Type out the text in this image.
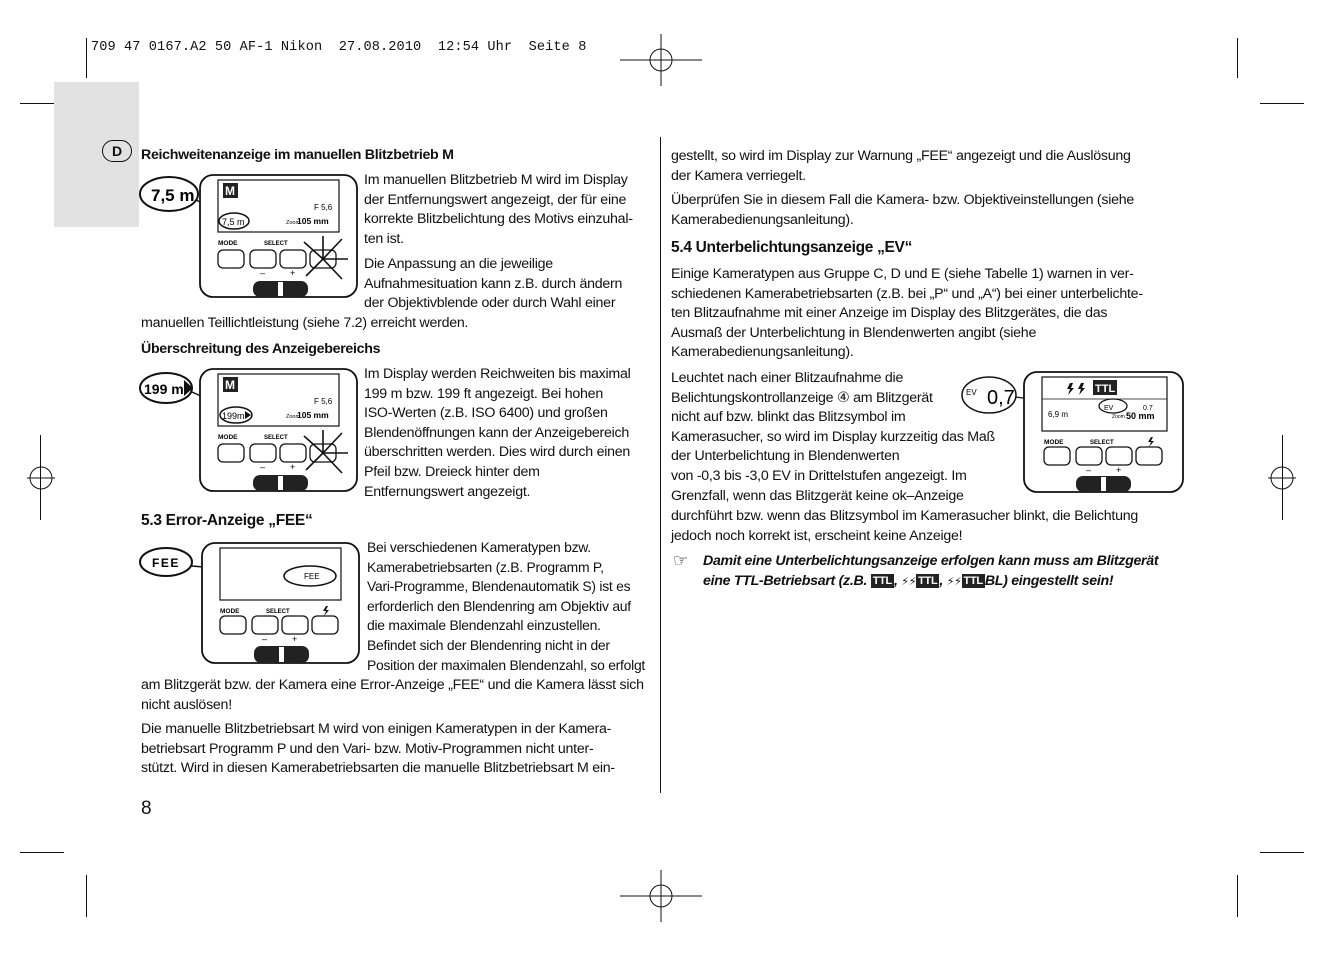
709 47 0167.A2 50 AF-1 Nikon  27.08.2010  12:54 Uhr  Seite 8
D	Reichweitenanzeige im manuellen Blitzbetrieb M
7,5 m	M
F 5,6
7,5 m	Zoom
105 mm
MODE	SELECT
–	+
Im manuellen Blitzbetrieb M wird im Display
der Entfernungswert angezeigt, der für eine
korrekte Blitzbelichtung des Motivs einzuhal-
ten ist.
Die Anpassung an die jeweilige
Aufnahmesituation kann z.B. durch ändern
der Objektivblende oder durch Wahl einer
manuellen Teillichtleistung (siehe 7.2) erreicht werden.
Überschreitung des Anzeigebereichs
199 m	M
F 5,6
199m	Zoom
105 mm
MODE	SELECT
–	+
Im Display werden Reichweiten bis maximal
199 m bzw. 199 ft angezeigt. Bei hohen
ISO-Werten (z.B. ISO 6400) und großen
Blendenöffnungen kann der Anzeigebereich
überschritten werden. Dies wird durch einen
Pfeil bzw. Dreieck hinter dem
Entfernungswert angezeigt.
5.3 Error-Anzeige „FEE“
FEE
FEE
MODE	SELECT
–	+
Bei verschiedenen Kameratypen bzw.
Kamerabetriebsarten (z.B. Programm P,
Vari-Programme, Blendenautomatik S) ist es
erforderlich den Blendenring am Objektiv auf
die maximale Blendenzahl einzustellen.
Befindet sich der Blendenring nicht in der
Position der maximalen Blendenzahl, so erfolgt
am Blitzgerät bzw. der Kamera eine Error-Anzeige „FEE“ und die Kamera lässt sich
nicht auslösen!
Die manuelle Blitzbetriebsart M wird von einigen Kameratypen in der Kamera-
betriebsart Programm P und den Vari- bzw. Motiv-Programmen nicht unter-
stützt. Wird in diesen Kamerabetriebsarten die manuelle Blitzbetriebsart M ein-
8
gestellt, so wird im Display zur Warnung „FEE“ angezeigt und die Auslösung
der Kamera verriegelt.
Überprüfen Sie in diesem Fall die Kamera- bzw. Objektiveinstellungen (siehe
Kamerabedienungsanleitung).
5.4 Unterbelichtungsanzeige „EV“
Einige Kameratypen aus Gruppe C, D und E (siehe Tabelle 1) warnen in ver-
schiedenen Kamerabetriebsarten (z.B. bei „P“ und „A“) bei einer unterbelichte-
ten Blitzaufnahme mit einer Anzeige im Display des Blitzgerätes, die das
Ausmaß der Unterbelichtung in Blendenwerten angibt (siehe
Kamerabedienungsanleitung).
Leuchtet nach einer Blitzaufnahme die
Belichtungskontrollanzeige ④ am Blitzgerät
nicht auf bzw. blinkt das Blitzsymbol im
Kamerasucher, so wird im Display kurzzeitig das Maß
der Unterbelichtung in Blendenwerten
von -0,3 bis -3,0 EV in Drittelstufen angezeigt. Im
Grenzfall, wenn das Blitzgerät keine ok–Anzeige
EV 0,7	TTL
6,9 m
EV	0.7
Zoom 50 mm
MODE	SELECT
–	+
durchführt bzw. wenn das Blitzsymbol im Kamerasucher blinkt, die Belichtung
jedoch noch korrekt ist, erscheint keine Anzeige!
☞ Damit eine Unterbelichtungsanzeige erfolgen kann muss am Blitzgerät
eine TTL-Betriebsart (z.B. TTL , ⚡⚡ TTL , ⚡⚡ TTL BL) eingestellt sein!
